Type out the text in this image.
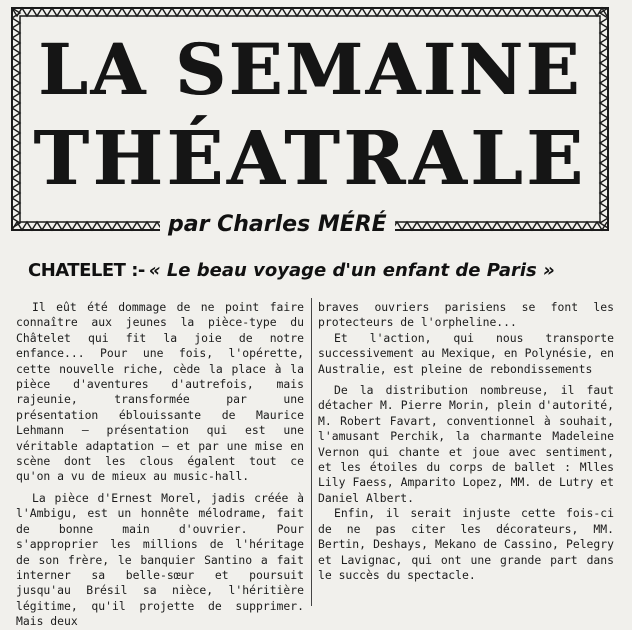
LA SEMAINE
THÉATRALE
par Charles MÉRÉ
CHATELET :- « Le beau voyage d'un enfant de Paris »

Il eût été dommage de ne point faire connaître aux jeunes la pièce-type du Châtelet qui fit la joie de notre enfance... Pour une fois, l'opérette, cette nouvelle riche, cède la place à la pièce d'aventures d'autrefois, mais rajeunie, transformée par une présentation éblouissante de Maurice Lehmann — présentation qui est une véritable adaptation — et par une mise en scène dont les clous égalent tout ce qu'on a vu de mieux au music-hall.

La pièce d'Ernest Morel, jadis créée à l'Ambigu, est un honnête mélodrame, fait de bonne main d'ouvrier. Pour s'approprier les millions de l'héritage de son frère, le banquier Santino a fait interner sa belle-sœur et poursuit jusqu'au Brésil sa nièce, l'héritière légitime, qu'il projette de supprimer. Mais deux

braves ouvriers parisiens se font les protecteurs de l'orpheline...

Et l'action, qui nous transporte successivement au Mexique, en Polynésie, en Australie, est pleine de rebondissements

De la distribution nombreuse, il faut détacher M. Pierre Morin, plein d'autorité, M. Robert Favart, conventionnel à souhait, l'amusant Perchik, la charmante Madeleine Vernon qui chante et joue avec sentiment, et les étoiles du corps de ballet : Mlles Lily Faess, Amparito Lopez, MM. de Lutry et Daniel Albert.

Enfin, il serait injuste cette fois-ci de ne pas citer les décorateurs, MM. Bertin, Deshays, Mekano de Cassino, Pelegry et Lavignac, qui ont une grande part dans le succès du spectacle.
